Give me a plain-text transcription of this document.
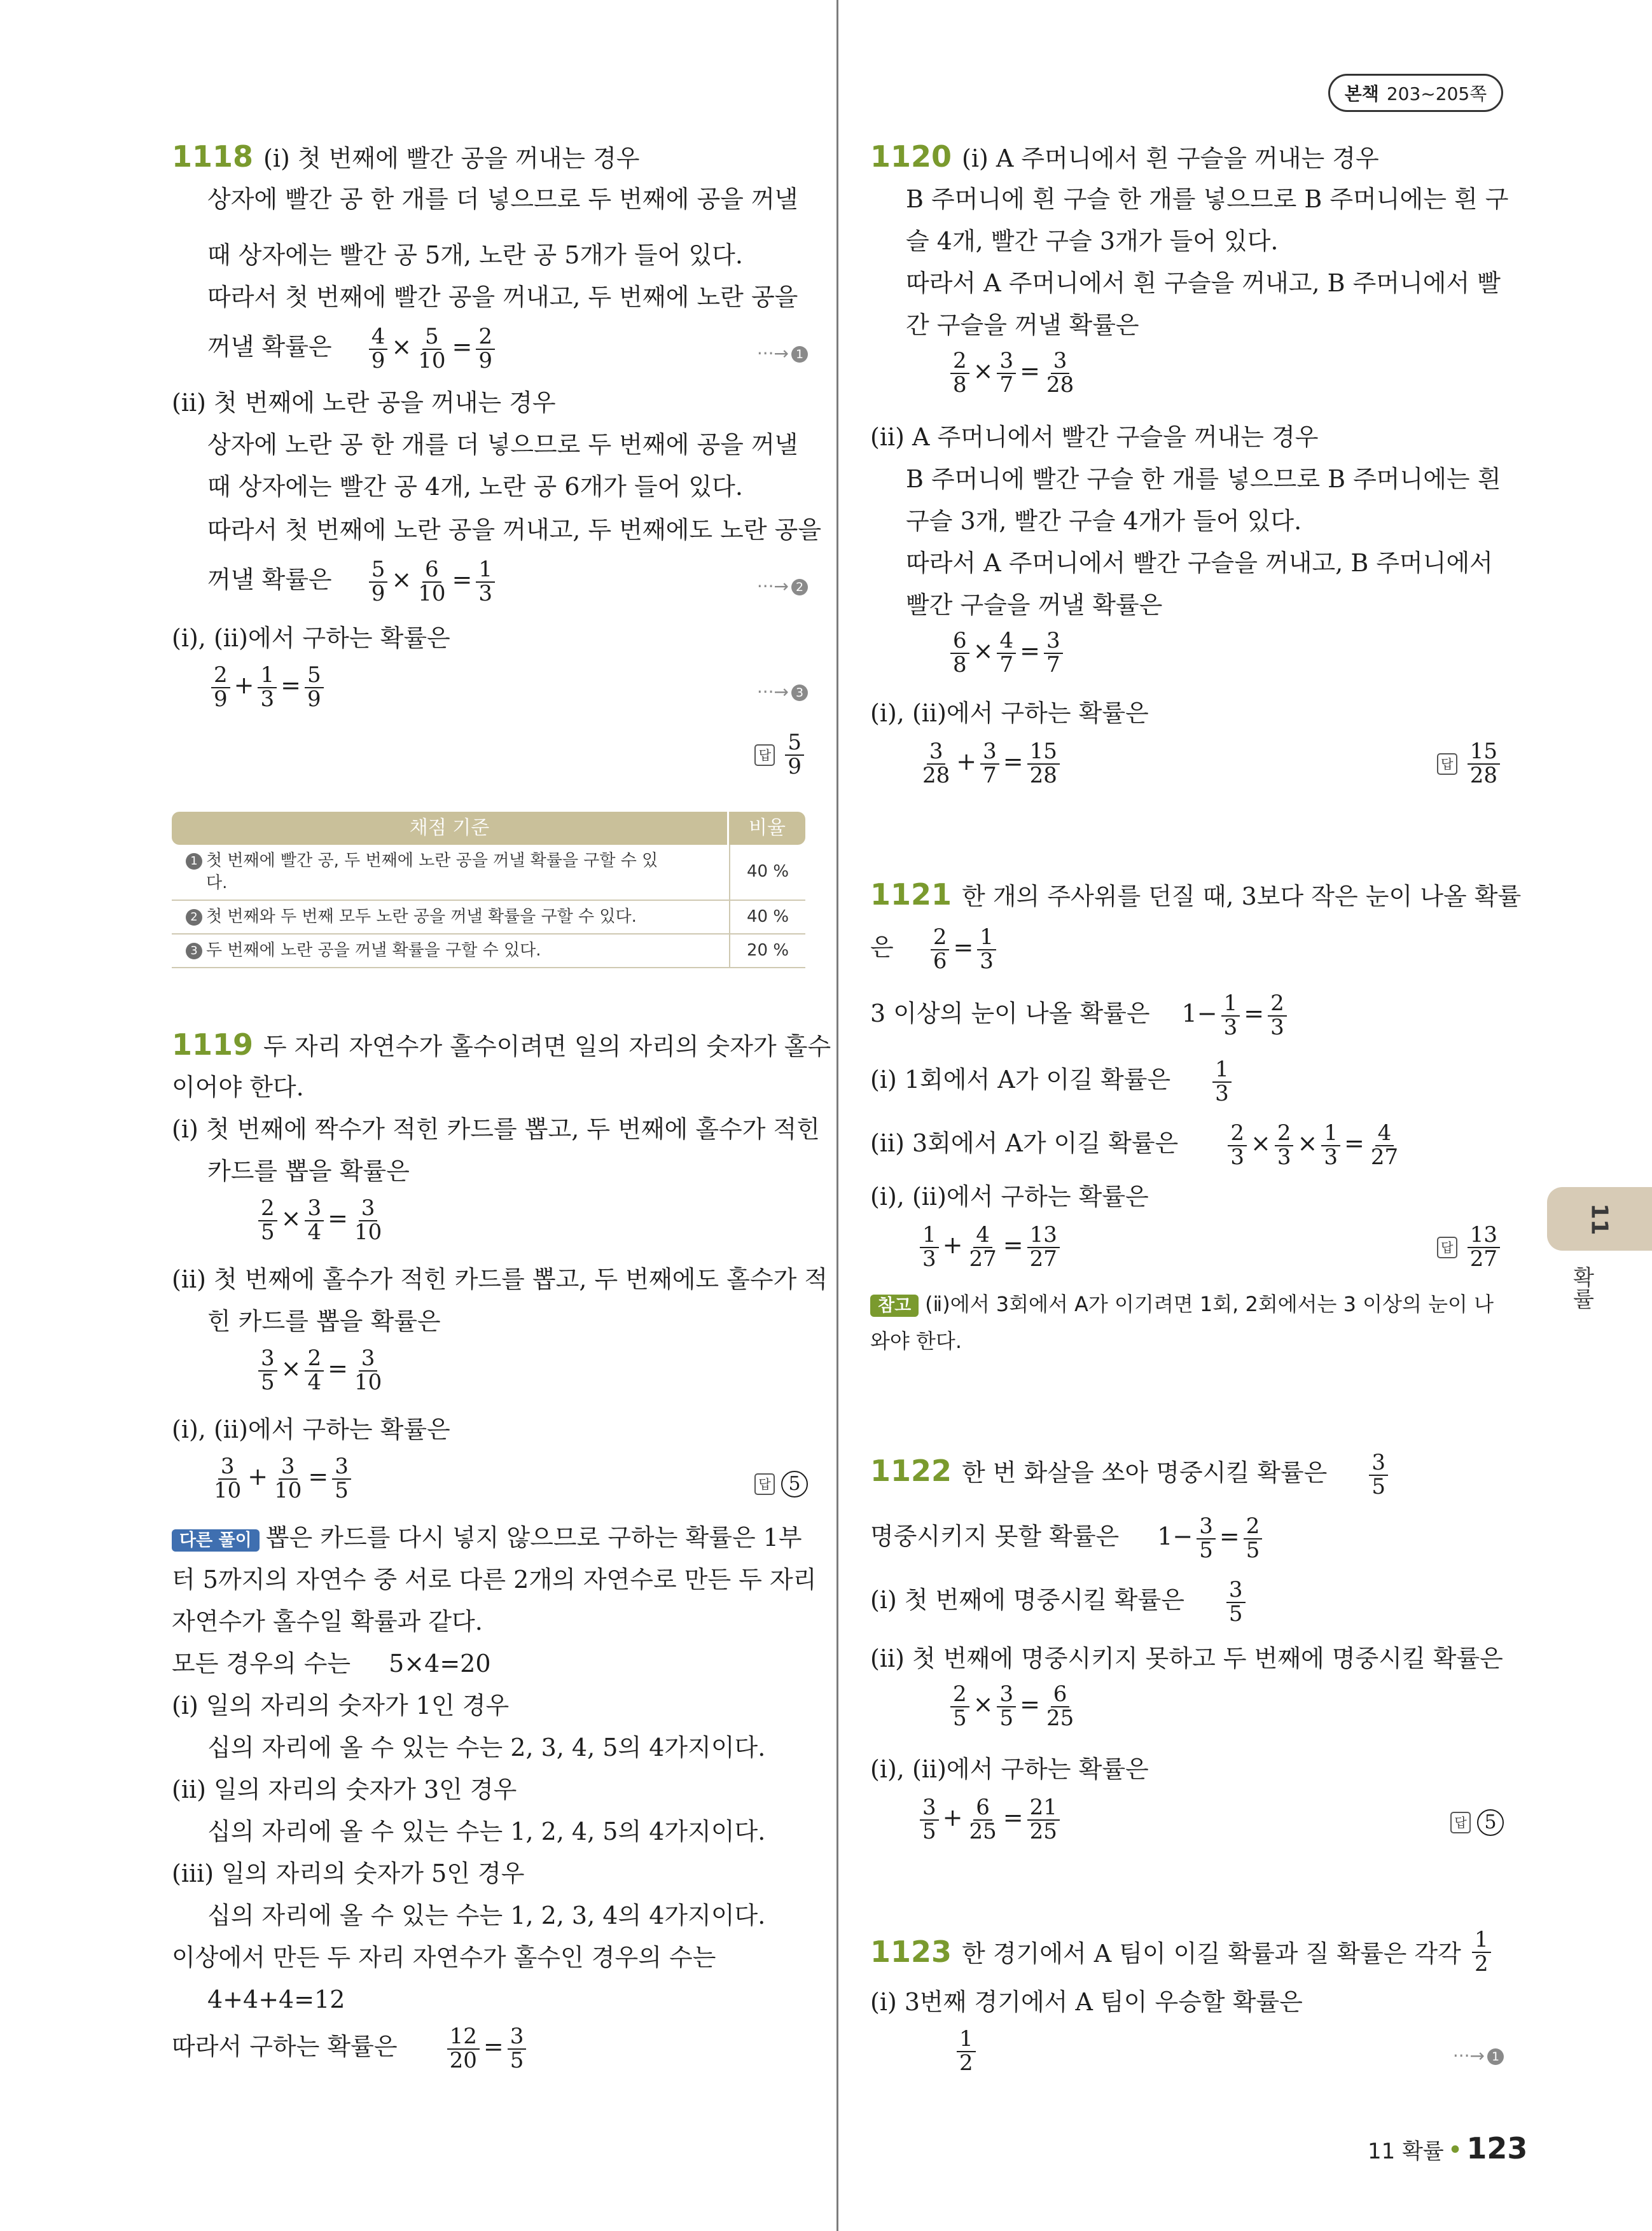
본책 203~205쪽
1118 (ⅰ) 첫 번째에 빨간 공을 꺼내는 경우
상자에 빨간 공 한 개를 더 넣으므로 두 번째에 공을 꺼낼
때 상자에는 빨간 공 5개, 노란 공 5개가 들어 있다.
따라서 첫 번째에 빨간 공을 꺼내고, 두 번째에 노란 공을
꺼낼 확률은 $\frac{4}{9} \times \frac{5}{10} = \frac{2}{9}$	···→ 1
(ⅱ) 첫 번째에 노란 공을 꺼내는 경우
상자에 노란 공 한 개를 더 넣으므로 두 번째에 공을 꺼낼
때 상자에는 빨간 공 4개, 노란 공 6개가 들어 있다.
따라서 첫 번째에 노란 공을 꺼내고, 두 번째에도 노란 공을
꺼낼 확률은 $\frac{5}{9} \times \frac{6}{10} = \frac{1}{3}$	···→ 2
(ⅰ), (ⅱ)에서 구하는 확률은
$\frac{2}{9} + \frac{1}{3} = \frac{5}{9}$	···→ 3
답 $\frac{5}{9}$
채점 기준	비율
1 첫 번째에 빨간 공, 두 번째에 노란 공을 꺼낼 확률을 구할 수 있
다.
40 %
2 첫 번째와 두 번째 모두 노란 공을 꺼낼 확률을 구할 수 있다.	40 %
3 두 번째에 노란 공을 꺼낼 확률을 구할 수 있다.	20 %
1119 두 자리 자연수가 홀수이려면 일의 자리의 숫자가 홀수
이어야 한다.
(ⅰ) 첫 번째에 짝수가 적힌 카드를 뽑고, 두 번째에 홀수가 적힌
카드를 뽑을 확률은
$\frac{2}{5} \times \frac{3}{4} = \frac{3}{10}$
(ⅱ) 첫 번째에 홀수가 적힌 카드를 뽑고, 두 번째에도 홀수가 적
힌 카드를 뽑을 확률은
$\frac{3}{5} \times \frac{2}{4} = \frac{3}{10}$
(ⅰ), (ⅱ)에서 구하는 확률은
$\frac{3}{10} + \frac{3}{10} = \frac{3}{5}$	답 5
다른 풀이 뽑은 카드를 다시 넣지 않으므로 구하는 확률은 1부
터 5까지의 자연수 중 서로 다른 2개의 자연수로 만든 두 자리
자연수가 홀수일 확률과 같다.
모든 경우의 수는 5×4=20
(ⅰ) 일의 자리의 숫자가 1인 경우
십의 자리에 올 수 있는 수는 2, 3, 4, 5의 4가지이다.
(ⅱ) 일의 자리의 숫자가 3인 경우
십의 자리에 올 수 있는 수는 1, 2, 4, 5의 4가지이다.
(ⅲ) 일의 자리의 숫자가 5인 경우
십의 자리에 올 수 있는 수는 1, 2, 3, 4의 4가지이다.
이상에서 만든 두 자리 자연수가 홀수인 경우의 수는
4+4+4=12
따라서 구하는 확률은 $\frac{12}{20} = \frac{3}{5}$
1120 (ⅰ) A 주머니에서 흰 구슬을 꺼내는 경우
B 주머니에 흰 구슬 한 개를 넣으므로 B 주머니에는 흰 구
슬 4개, 빨간 구슬 3개가 들어 있다.
따라서 A 주머니에서 흰 구슬을 꺼내고, B 주머니에서 빨
간 구슬을 꺼낼 확률은
$\frac{2}{8} \times \frac{3}{7} = \frac{3}{28}$
(ⅱ) A 주머니에서 빨간 구슬을 꺼내는 경우
B 주머니에 빨간 구슬 한 개를 넣으므로 B 주머니에는 흰
구슬 3개, 빨간 구슬 4개가 들어 있다.
따라서 A 주머니에서 빨간 구슬을 꺼내고, B 주머니에서
빨간 구슬을 꺼낼 확률은
$\frac{6}{8} \times \frac{4}{7} = \frac{3}{7}$
(ⅰ), (ⅱ)에서 구하는 확률은
$\frac{3}{28} + \frac{3}{7} = \frac{15}{28}$	답 $\frac{15}{28}$
1121 한 개의 주사위를 던질 때, 3보다 작은 눈이 나올 확률
은 $\frac{2}{6} = \frac{1}{3}$
3 이상의 눈이 나올 확률은 $1- \frac{1}{3} = \frac{2}{3}$
(ⅰ) 1회에서 A가 이길 확률은 $\frac{1}{3}$
(ⅱ) 3회에서 A가 이길 확률은 $\frac{2}{3} \times \frac{2}{3} \times \frac{1}{3} = \frac{4}{27}$
(ⅰ), (ⅱ)에서 구하는 확률은
$\frac{1}{3} + \frac{4}{27} = \frac{13}{27}$	답 $\frac{13}{27}$
참고 (ⅱ)에서 3회에서 A가 이기려면 1회, 2회에서는 3 이상의 눈이 나
와야 한다.
1122 한 번 화살을 쏘아 명중시킬 확률은 $\frac{3}{5}$
명중시키지 못할 확률은 $1- \frac{3}{5} = \frac{2}{5}$
(ⅰ) 첫 번째에 명중시킬 확률은 $\frac{3}{5}$
(ⅱ) 첫 번째에 명중시키지 못하고 두 번째에 명중시킬 확률은
$\frac{2}{5} \times \frac{3}{5} = \frac{6}{25}$
(ⅰ), (ⅱ)에서 구하는 확률은
$\frac{3}{5} + \frac{6}{25} = \frac{21}{25}$	답 5
1123 한 경기에서 A 팀이 이길 확률과 질 확률은 각각 $\frac{1}{2}$
(ⅰ) 3번째 경기에서 A 팀이 우승할 확률은
$\frac{1}{2}$	···→ 1
11
확률
11 확률 • 123
